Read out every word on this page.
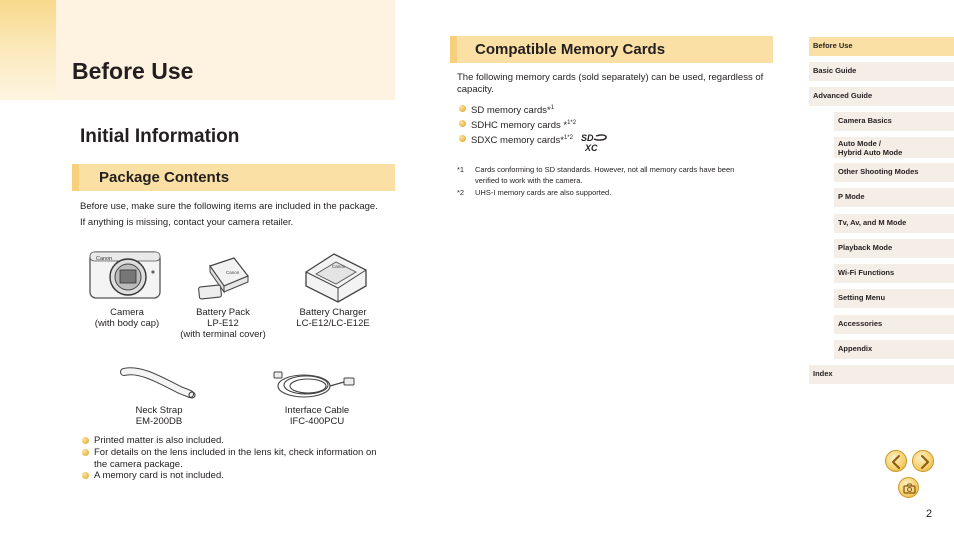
Before Use
Initial Information
Package Contents
Before use, make sure the following items are included in the package.
If anything is missing, contact your camera retailer.
Canon
Camera
(with body cap)
Canon
Battery Pack
LP-E12
(with terminal cover)
Canon
Battery Charger
LC-E12/LC-E12E
Neck Strap
EM-200DB
Interface Cable
IFC-400PCU
Printed matter is also included.
For details on the lens included in the lens kit, check information on
the camera package.
A memory card is not included.
Compatible Memory Cards
The following memory cards (sold separately) can be used, regardless of
capacity.
SD memory cards*$^1$
SDHC memory cards *$^{1*2}$
SDXC memory cards*$^{1*2}$ SD
XC
*1 Cards conforming to SD standards. However, not all memory cards have been
verified to work with the camera.
*2 UHS-I memory cards are also supported.
Before Use
Basic Guide
Advanced Guide
Camera Basics
Auto Mode /
Hybrid Auto Mode
Other Shooting Modes
P Mode
Tv, Av, and M Mode
Playback Mode
Wi-Fi Functions
Setting Menu
Accessories
Appendix
Index
2
